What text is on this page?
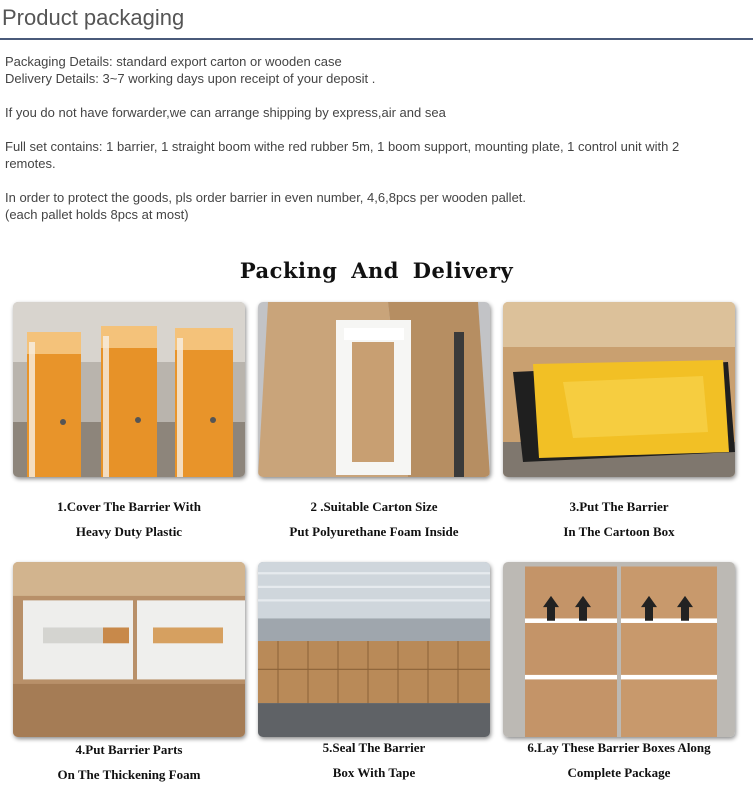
Product packaging

Packaging Details: standard export carton or wooden case
Delivery Details: 3~7 working days upon receipt of your deposit .

If you do not have forwarder,we can arrange shipping by express,air and sea

Full set contains: 1 barrier, 1 straight boom withe red rubber 5m, 1 boom support, mounting plate, 1 control unit with 2
remotes.

In order to protect the goods, pls order barrier in even number, 4,6,8pcs per wooden pallet.
(each pallet holds 8pcs at most)

Packing And Delivery
1.Cover The Barrier With
Heavy Duty Plastic
2 .Suitable Carton Size
Put Polyurethane Foam Inside
3.Put The Barrier
In The Cartoon Box
4.Put Barrier Parts
On The Thickening Foam
5.Seal The Barrier
Box With Tape
6.Lay These Barrier Boxes Along
Complete Package
